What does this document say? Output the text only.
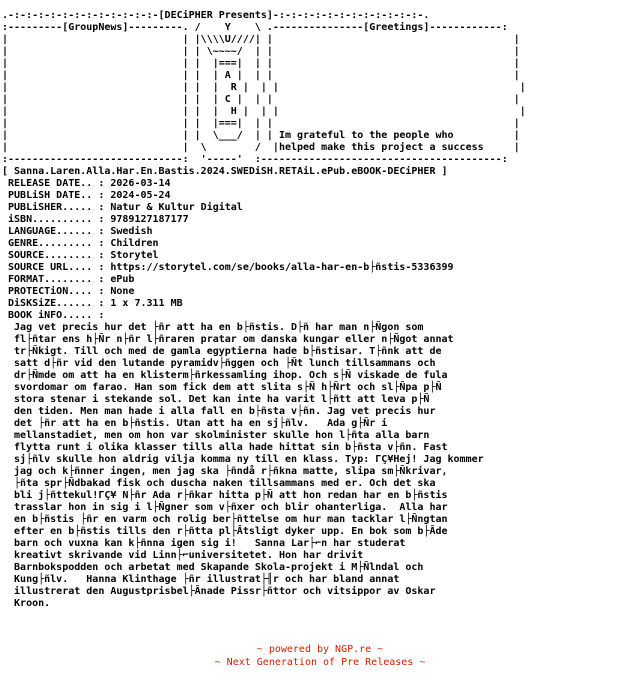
.-:-:-:-:-:-:-:-:-:-:-:-:-[DECiPHER Presents]-:-:-:-:-:-:-:-:-:-:-:-:-.
:---------[GroupNews]---------. /    Y    \ .---------------[Greetings]------------:
|                             | |\\\\U////| |                                        |
|                             | | \~~~~/  | |                                        |
|                             | |  |===|  | |                                        |
|                             | |  | A |  | |                                        |
|                             | |  |  R |  | |                                        |
|                             | |  | C |  | |                                        |
|                             | |  |  H |  | |                                        |
|                             | |  |===|  | |                                        |
|                             | |  \___/  | | Im grateful to the people who          |
|                             |  \        /  |helped make this project a success     |
:-----------------------------:  '-----'  :----------------------------------------:
[ Sanna.Laren.Alla.Har.En.Bastis.2024.SWEDiSH.RETAiL.ePub.eBOOK-DECiPHER ]
RELEASE DATE.. : 2026-03-14
PUBLiSH DATE.. : 2024-05-24
PUBLiSHER..... : Natur & Kultur Digital
iSBN.......... : 9789127187177
LANGUAGE...... : Swedish
GENRE......... : Children
SOURCE........ : Storytel
SOURCE URL.... : https://storytel.com/se/books/alla-har-en-b├ñstis-5336399
FORMAT........ : ePub
PROTECTiON.... : None
DiSKSiZE...... : 1 x 7.311 MB
BOOK iNFO..... :
Jag vet precis hur det ├ñr att ha en b├ñstis. D├ñ har man n├Ñgon som
fl├ñtar ens h├Ñr n├ñr l├ñraren pratar om danska kungar eller n├Ñgot annat
tr├Ñkigt. Till och med de gamla egyptierna hade b├ñstisar. T├ñnk att de
satt d├ñr vid den lutande pyramidv├ñggen och ├Ñt lunch tillsammans och
dr├Ñmde om att ha en klisterm├ñrkessamling ihop. Och s├Ñ viskade de fula
svordomar om farao. Han som fick dem att slita s├Ñ h├Ñrt och sl├Ñpa p├Ñ
stora stenar i stekande sol. Det kan inte ha varit l├ñtt att leva p├Ñ
den tiden. Men man hade i alla fall en b├ñsta v├ñn. Jag vet precis hur
det ├ñr att ha en b├ñstis. Utan att ha en sj├ñlv.   Ada g├Ñr i
mellanstadiet, men om hon var skolminister skulle hon l├ñta alla barn
flytta runt i olika klasser tills alla hade hittat sin b├ñsta v├ñn. Fast
sj├ñlv skulle hon aldrig vilja komma ny till en klass. Typ: ΓÇ¥Hej! Jag kommer
jag och k├ñnner ingen, men jag ska ├ñndå r├ñkna matte, slipa sm├Ñkrivar,
├ñta spr├Ñdbakad fisk och duscha naken tillsammans med er. Och det ska
bli j├ñttekul!ΓÇ¥ N├ñr Ada r├ñkar hitta p├Ñ att hon redan har en b├ñstis
trasslar hon in sig i l├Ñgner som v├ñxer och blir ohanterliga.  Alla har
en b├ñstis ├ñr en varm och rolig ber├ñttelse om hur man tacklar l├Ñngtan
efter en b├ñstis tills den r├ñtta pl├Âtsligt dyker upp. En bok som b├Âde
barn och vuxna kan k├ñnna igen sig i!   Sanna Lar├⌐n har studerat
kreativt skrivande vid Linn├⌐universitetet. Hon har drivit
Barnbokspodden och arbetat med Skapande Skola-projekt i M├Ñlndal och
Kung├ñlv.   Hanna Klinthage ├ñr illustrat├╢r och har bland annat
illustrerat den Augustprisbel├Ânade Pissr├ñttor och vitsippor av Oskar
Kroon.
~ powered by NGP.re ~
~ Next Generation of Pre Releases ~
